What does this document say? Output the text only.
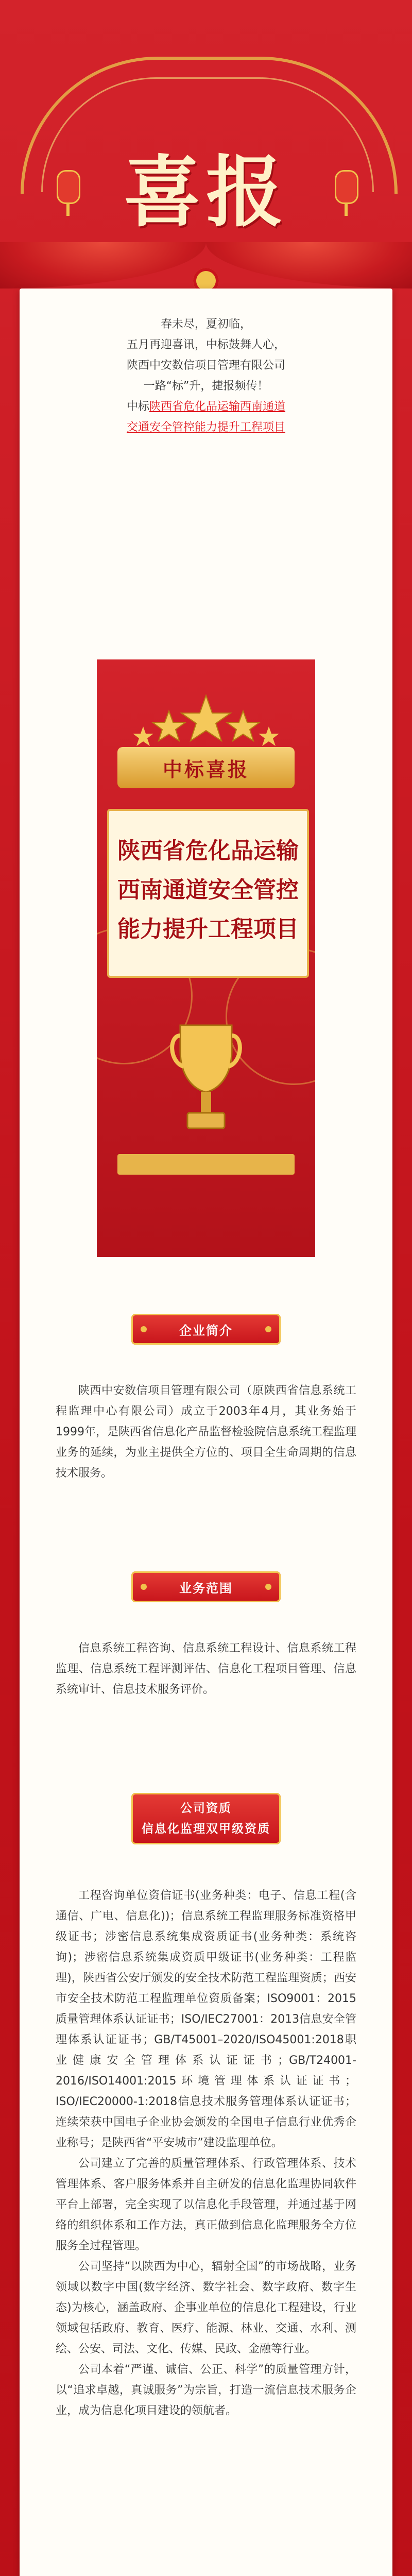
喜报
春未尽，夏初临，
五月再迎喜讯，中标鼓舞人心，
陕西中安数信项目管理有限公司
一路“标”升，捷报频传！
中标陕西省危化品运输西南通道
交通安全管控能力提升工程项目
中标喜报
陕西省危化品运输
西南通道安全管控
能力提升工程项目
企业简介

陕西中安数信项目管理有限公司（原陕西省信息系统工程监理中心有限公司）成立于2003年4月，其业务始于1999年，是陕西省信息化产品监督检验院信息系统工程监理业务的延续，为业主提供全方位的、项目全生命周期的信息技术服务。

业务范围

信息系统工程咨询、信息系统工程设计、信息系统工程监理、信息系统工程评测评估、信息化工程项目管理、信息系统审计、信息技术服务评价。

公司资质
信息化监理双甲级资质

工程咨询单位资信证书(业务种类：电子、信息工程(含通信、广电、信息化))；信息系统工程监理服务标准资格甲级证书；涉密信息系统集成资质证书(业务种类：系统咨询)；涉密信息系统集成资质甲级证书(业务种类：工程监理)，陕西省公安厅颁发的安全技术防范工程监理资质；西安市安全技术防范工程监理单位资质备案；ISO9001：2015质量管理体系认证证书；ISO/IEC27001：2013信息安全管理体系认证证书；GB/T45001–2020/ISO45001:2018职业健康安全管理体系认证证书；GB/T24001-2016/ISO14001:2015环境管理体系认证证书；ISO/IEC20000-1:2018信息技术服务管理体系认证证书；连续荣获中国电子企业协会颁发的全国电子信息行业优秀企业称号；是陕西省“平安城市”建设监理单位。

公司建立了完善的质量管理体系、行政管理体系、技术管理体系、客户服务体系并自主研发的信息化监理协同软件平台上部署，完全实现了以信息化手段管理，并通过基于网络的组织体系和工作方法，真正做到信息化监理服务全方位服务全过程管理。

公司坚持“以陕西为中心，辐射全国”的市场战略，业务领域以数字中国(数字经济、数字社会、数字政府、数字生态)为核心，涵盖政府、企事业单位的信息化工程建设，行业领域包括政府、教育、医疗、能源、林业、交通、水利、测绘、公安、司法、文化、传媒、民政、金融等行业。

公司本着“严谨、诚信、公正、科学”的质量管理方针，以“追求卓越，真诚服务”为宗旨，打造一流信息技术服务企业，成为信息化项目建设的领航者。
